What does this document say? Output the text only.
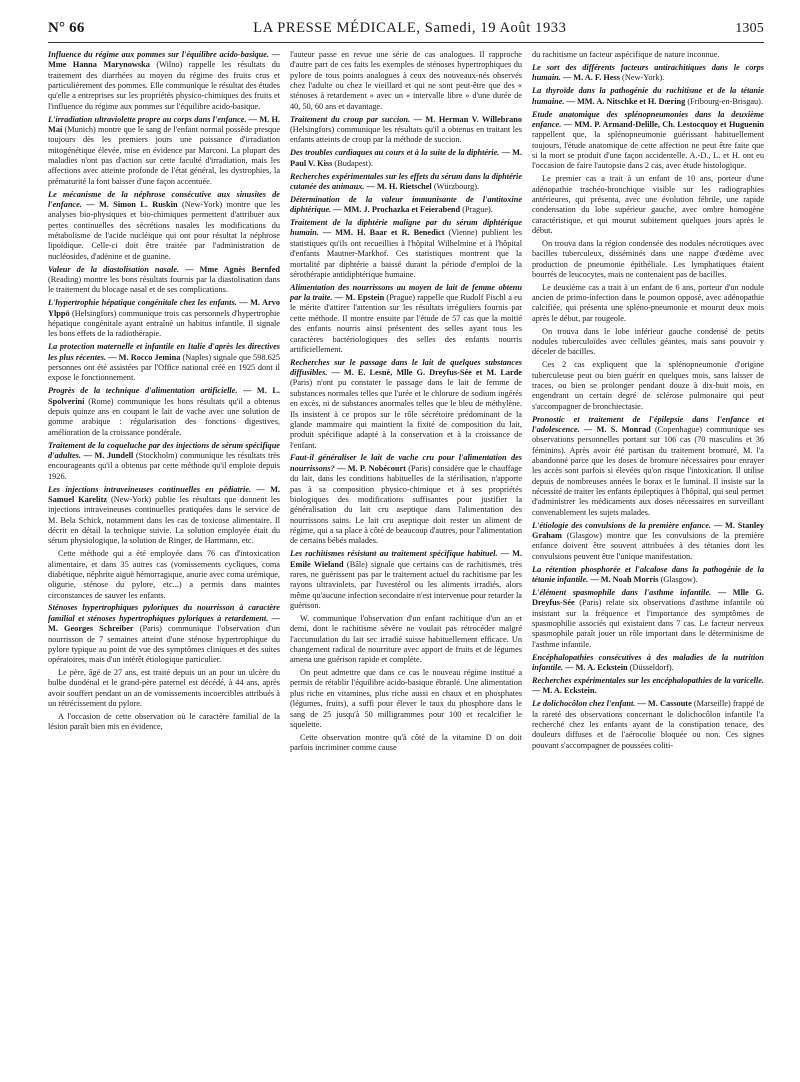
N° 66	LA PRESSE MÉDICALE, Samedi, 19 Août 1933	1305

Influence du régime aux pommes sur l'équilibre acido-basique. — Mme Hanna Marynowska (Wilno) rappelle les résultats du traitement des diarrhées au moyen du régime des fruits crus et particulièrement des pommes. Elle communique le résultat des études qu'elle a entreprises sur les propriétés physico-chimiques des fruits et l'influence du régime aux pommes sur l'équilibre acido-basique.

L'irradiation ultraviolette propre au corps dans l'enfance. — M. H. Mai (Munich) montre que le sang de l'enfant normal possède presque toujours dès les premiers jours une puissance d'irradiation mitogénétique élevée, mise en évidence par Marconi. La plupart des maladies n'ont pas d'action sur cette faculté d'irradiation, mais les affections avec atteinte profonde de l'état général, les dystrophies, la prématurité la font baisser d'une façon accentuée.

Le mécanisme de la néphrose consécutive aux sinusites de l'enfance. — M. Simon L. Ruskin (New-York) montre que les analyses bio-physiques et bio-chimiques permettent d'attribuer aux pertes continuelles des sécrétions nasales les modifications du métabolisme de l'acide nucléique qui ont pour résultat la néphrose lipoïdique. Celle-ci doit être traitée par l'administration de nucléosides, d'adénine et de guanine.

Valeur de la diastolisation nasale. — Mme Agnès Bernfed (Reading) montre les bons résultats fournis par la diastolisation dans le traitement du blocage nasal et de ses complications.

L'hypertrophie hépatique congénitale chez les enfants. — M. Arvo Ylppö (Helsingfors) communique trois cas personnels d'hypertrophie hépatique congénitale ayant entraîné un habitus infantile. Il signale les bons effets de la radiothérapie.

La protection maternelle et infantile en Italie d'après les directives les plus récentes. — M. Rocco Jemina (Naples) signale que 598.625 personnes ont été assistées par l'Office national créé en 1925 dont il expose le fonctionnement.

Progrès de la technique d'alimentation artificielle. — M. L. Spolverini (Rome) communique les bons résultats qu'il a obtenus depuis quinze ans en coupant le lait de vache avec une solution de gomme arabique : régularisation des fonctions digestives, amélioration de la croissance pondérale.

Traitement de la coqueluche par des injections de sérum spécifique d'adultes. — M. Jundell (Stockholm) communique les résultats très encourageants qu'il a obtenus par cette méthode qu'il emploie depuis 1926.

Les injections intraveineuses continuelles en pédiatrie. — M. Samuel Karelitz (New-York) publie les résultats que donnent les injections intraveineuses continuelles pratiquées dans le service de M. Bela Schick, notamment dans les cas de toxicose alimentaire. Il décrit en détail la technique suivie. La solution employée était du sérum physiologique, la solution de Ringer, de Hartmann, etc.

Cette méthode qui a été employée dans 76 cas d'intoxication alimentaire, et dans 35 autres cas (vomissements cycliques, coma diabétique, néphrite aiguë hémorragique, anurie avec coma urémique, oligurie, sténose du pylore, etc...) a permis dans maintes circonstances de sauver les enfants.

Sténoses hypertrophiques pyloriques du nourrisson à caractère familial et sténoses hypertrophiques pyloriques à retardement. — M. Georges Schreiber (Paris) communique l'observation d'un nourrisson de 7 semaines atteint d'une sténose hypertrophique du pylore typique au point de vue des symptômes cliniques et des suites opératoires, mais d'un intérêt étiologique particulier.

Le père, âgé de 27 ans, est traité depuis un an pour un ulcère du bulbe duodénal et le grand-père paternel est décédé, à 44 ans, après avoir souffert pendant un an de vomissements incoercibles attribués à un rétrécissement du pylore.

A l'occasion de cette observation où le caractère familial de la lésion paraît bien mis en évidence,

l'auteur passe en revue une série de cas analogues. Il rapproche d'autre part de ces faits les exemples de sténoses hypertrophiques du pylore de tous points analogues à ceux des nouveaux-nés observés chez l'adulte ou chez le vieillard et qui ne sont peut-être que des « sténoses à retardement » avec un « intervalle libre » d'une durée de 40, 50, 60 ans et davantage.

Traitement du croup par succion. — M. Herman V. Willebrano (Helsingfors) communique les résultats qu'il a obtenus en traitant les enfants atteints de croup par la méthode de succion.

Des troubles cardiaques au cours et à la suite de la diphtérie. — M. Paul V. Kiss (Budapest).

Recherches expérimentales sur les effets du sérum dans la diphtérie cutanée des animaux. — M. H. Rietschel (Würzbourg).

Détermination de la valeur immunisante de l'antitoxine diphtérique. — MM. J. Prochazka et Feierabend (Prague).

Traitement de la diphtérie maligne par du sérum diphtérique humain. — MM. H. Baar et R. Benedict (Vienne) publient les statistiques qu'ils ont recueillies à l'hôpital Wilhelmine et à l'hôpital d'enfants Mautner-Markhof. Ces statistiques montrent que la mortalité par diphtérie a baissé durant la période d'emploi de la sérothérapie antidiphtérique humaine.

Alimentation des nourrissons au moyen de lait de femme obtenu par la traite. — M. Epstein (Prague) rappelle que Rudolf Fischl a eu le mérite d'attirer l'attention sur les résultats irréguliers fournis par cette méthode. Il montre ensuite par l'étude de 57 cas que la moitié des enfants nourris ainsi présentent des selles ayant tous les caractères bactériologiques des selles des enfants nourris artificiellement.

Recherches sur le passage dans le lait de quelques substances diffusibles. — M. E. Lesné, Mlle G. Dreyfus-Sée et M. Larde (Paris) n'ont pu constater le passage dans le lait de femme de substances normales telles que l'urée et le chlorure de sodium ingérés en excès, ni de substances anormales telles que le bleu de méthylène. Ils insistent à ce propos sur le rôle sécrétoire prédominant de la glande mammaire qui maintient la fixité de composition du lait, produit spécifique adapté à la conservation et à la croissance de l'enfant.

Faut-il généraliser le lait de vache cru pour l'alimentation des nourrissons? — M. P. Nobécourt (Paris) considère que le chauffage du lait, dans les conditions habituelles de la stérilisation, n'apporte pas à sa composition physico-chimique et à ses propriétés biologiques des modifications suffisantes pour justifier la généralisation du lait cru aseptique dans l'alimentation des nourrissons sains. Le lait cru aseptique doit rester un aliment de régime, qui a sa place à côté de beaucoup d'autres, pour l'alimentation de certains bébés malades.

Les rachitismes résistant au traitement spécifique habituel. — M. Emile Wieland (Bâle) signale que certains cas de rachitismes, très rares, ne guérissent pas par le traitement actuel du rachitisme par les rayons ultraviolets, par l'uvestérol ou les aliments irradiés, alors même qu'aucune infection secondaire n'est intervenue pour retarder la guérison.

W. communique l'observation d'un enfant rachitique d'un an et demi, dont le rachitisme sévère ne voulait pas rétrocéder malgré l'accumulation du lait sec irradié suisse habituellement efficace. Un changement radical de nourriture avec apport de fruits et de légumes amena une guérison rapide et complète.

On peut admettre que dans ce cas le nouveau régime institué a permis de rétablir l'équilibre acido-basique ébranlé. Une alimentation plus riche en vitamines, plus riche aussi en chaux et en phosphates (légumes, fruits), a suffi pour élever le taux du phosphore dans le sang de 25 jusqu'à 50 milligrammes pour 100 et recalcifier le squelette.

Cette observation montre qu'à côté de la vitamine D on doit parfois incriminer comme cause

du rachitisme un facteur aspécifique de nature inconnue.

Le sort des différents facteurs antirachitiques dans le corps humain. — M. A. F. Hess (New-York).

La thyroïde dans la pathogénie du rachitisme et de la tétanie humaine. — MM. A. Nitschke et H. Dœring (Fribourg-en-Brisgau).

Etude anatomique des splénopneumonies dans la deuxième enfance. — MM. P. Armand-Delille, Ch. Lestocquoy et Huguenin rappellent que, la splénopneumonie guérissant habituellement toujours, l'étude anatomique de cette affection ne peut être faite que si la mort se produit d'une façon accidentelle. A.-D., L. et H. ont eu l'occasion de faire l'autopsie dans 2 cas, avec étude histologique.

Le premier cas a trait à un enfant de 10 ans, porteur d'une adénopathie trachéo-bronchique visible sur les radiographies antérieures, qui présenta, avec une évolution fébrile, une rapide condensation du lobe supérieur gauche, avec ombre homogène caractéristique, et qui mourut subitement quelques jours après le début.

On trouva dans la région condensée des nodules nécrotiques avec bacilles tuberculeux, disséminés dans une nappe d'œdème avec production de pneumonie épithéliale. Les lymphatiques étaient bourrés de leucocytes, mais ne contenaient pas de bacilles.

Le deuxième cas a trait à un enfant de 6 ans, porteur d'un nodule ancien de primo-infection dans le poumon opposé, avec adénopathie calcifiée, qui présenta une spléno-pneumonie et mourut deux mois après le début, par rougeole.

On trouva dans le lobe inférieur gauche condensé de petits nodules tuberculoïdes avec cellules géantes, mais sans pouvoir y déceler de bacilles.

Ces 2 cas expliquent que la splénopneumonie d'origine tuberculeuse peut ou bien guérir en quelques mois, sans laisser de traces, ou bien se prolonger pendant douze à dix-huit mois, en engendrant un certain degré de sclérose pulmonaire qui peut s'accompagner de bronchiectasie.

Pronostic et traitement de l'épilepsie dans l'enfance et l'adolescence. — M. S. Monrad (Copenhague) communique ses observations personnelles portant sur 106 cas (70 masculins et 36 féminins). Après avoir été partisan du traitement bromuré, M. l'a abandonné parce que les doses de bromure nécessaires pour enrayer les accès sont parfois si élevées qu'on risque l'intoxication. Il utilise depuis de nombreuses années le borax et le luminal. Il insiste sur la nécessité de traiter les enfants épileptiques à l'hôpital, qui seul permet d'administrer les médicaments aux doses nécessaires en surveillant convenablement les sujets malades.

L'étiologie des convulsions de la première enfance. — M. Stanley Graham (Glasgow) montre que les convulsions de la première enfance doivent être souvent attribuées à des tétanies dont les convulsions peuvent être l'unique manifestation.

La rétention phosphorée et l'alcalose dans la pathogénie de la tétanie infantile. — M. Noah Morris (Glasgow).

L'élément spasmophile dans l'asthme infantile. — Mlle G. Dreyfus-Sée (Paris) relate six observations d'asthme infantile où insistant sur la fréquence et l'importance des symptômes de spasmophilie associés qui existaient dans 7 cas. Le facteur nerveux spasmophile paraît jouer un rôle important dans le déterminisme de l'asthme infantile.

Encéphalopathies consécutives à des maladies de la nutrition infantile. — M. A. Eckstein (Düsseldorf).

Recherches expérimentales sur les encéphalopathies de la varicelle. — M. A. Eckstein.

Le dolichocôlon chez l'enfant. — M. Cassoute (Marseille) frappé de la rareté des observations concernant le dolichocôlon infantile l'a recherché chez les enfants ayant de la constipation tenace, des douleurs diffuses et de l'aérocolie bloquée ou non. Ces signes pouvant s'accompagner de poussées coliti-
